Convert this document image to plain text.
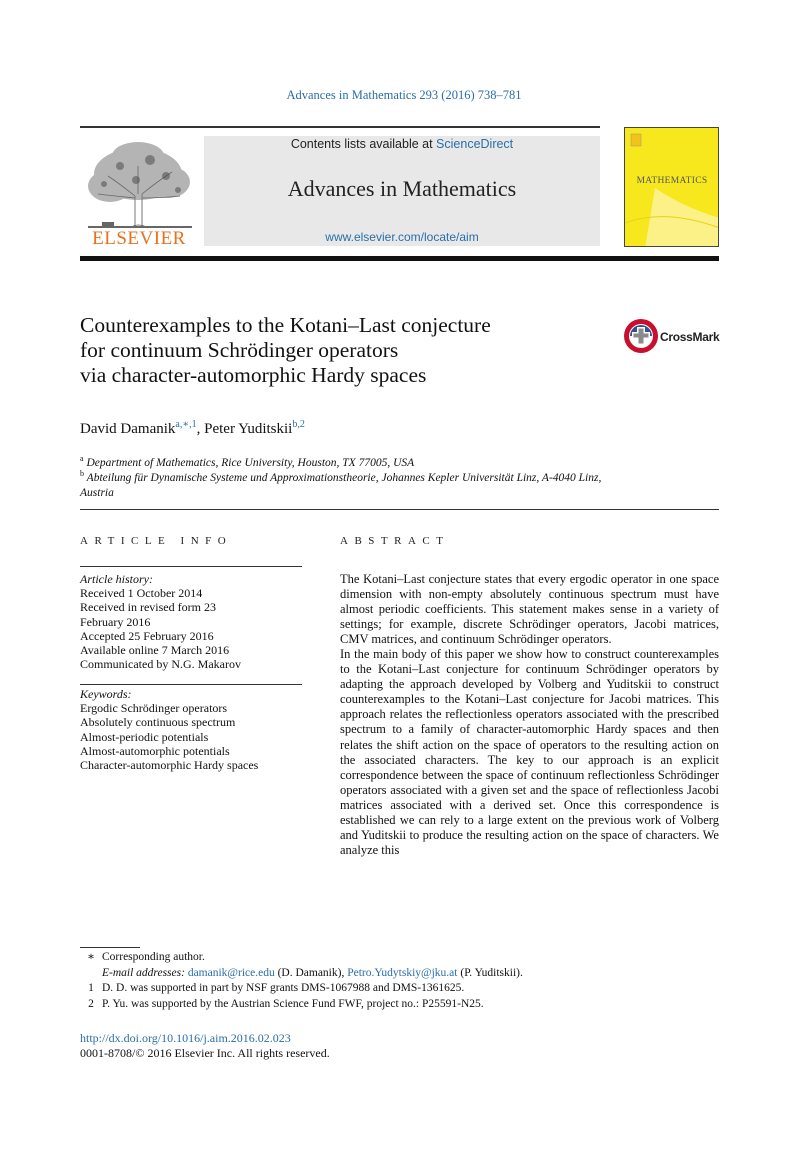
Advances in Mathematics 293 (2016) 738–781
ELSEVIER
Contents lists available at ScienceDirect
Advances in Mathematics
www.elsevier.com/locate/aim
MATHEMATICS
Counterexamples to the Kotani–Last conjecture
for continuum Schrödinger operators
via character-automorphic Hardy spaces
CrossMark
David Damanik$^{a,∗,1}$, Peter Yuditskii$^{b,2}$
$^a$ Department of Mathematics, Rice University, Houston, TX 77005, USA
$^b$ Abteilung für Dynamische Systeme und Approximationstheorie, Johannes Kepler Universität Linz, A-4040 Linz, Austria
ARTICLE INFO	ABSTRACT
Article history:
Received 1 October 2014
Received in revised form 23
February 2016
Accepted 25 February 2016
Available online 7 March 2016
Communicated by N.G. Makarov
Keywords:
Ergodic Schrödinger operators
Absolutely continuous spectrum
Almost-periodic potentials
Almost-automorphic potentials
Character-automorphic Hardy spaces

The Kotani–Last conjecture states that every ergodic operator in one space dimension with non-empty absolutely continuous spectrum must have almost periodic coefficients. This statement makes sense in a variety of settings; for example, discrete Schrödinger operators, Jacobi matrices, CMV matrices, and continuum Schrödinger operators.

In the main body of this paper we show how to construct counterexamples to the Kotani–Last conjecture for continuum Schrödinger operators by adapting the approach developed by Volberg and Yuditskii to construct counterexamples to the Kotani–Last conjecture for Jacobi matrices. This approach relates the reflectionless operators associated with the prescribed spectrum to a family of character-automorphic Hardy spaces and then relates the shift action on the space of operators to the resulting action on the associated characters. The key to our approach is an explicit correspondence between the space of continuum reflectionless Schrödinger operators associated with a given set and the space of reflectionless Jacobi matrices associated with a derived set. Once this correspondence is established we can rely to a large extent on the previous work of Volberg and Yuditskii to produce the resulting action on the space of characters. We analyze this

∗ Corresponding author.
E-mail addresses: damanik@rice.edu (D. Damanik), Petro.Yudytskiy@jku.at (P. Yuditskii).
1 D. D. was supported in part by NSF grants DMS-1067988 and DMS-1361625.
2 P. Yu. was supported by the Austrian Science Fund FWF, project no.: P25591-N25.
http://dx.doi.org/10.1016/j.aim.2016.02.023
0001-8708/© 2016 Elsevier Inc. All rights reserved.
